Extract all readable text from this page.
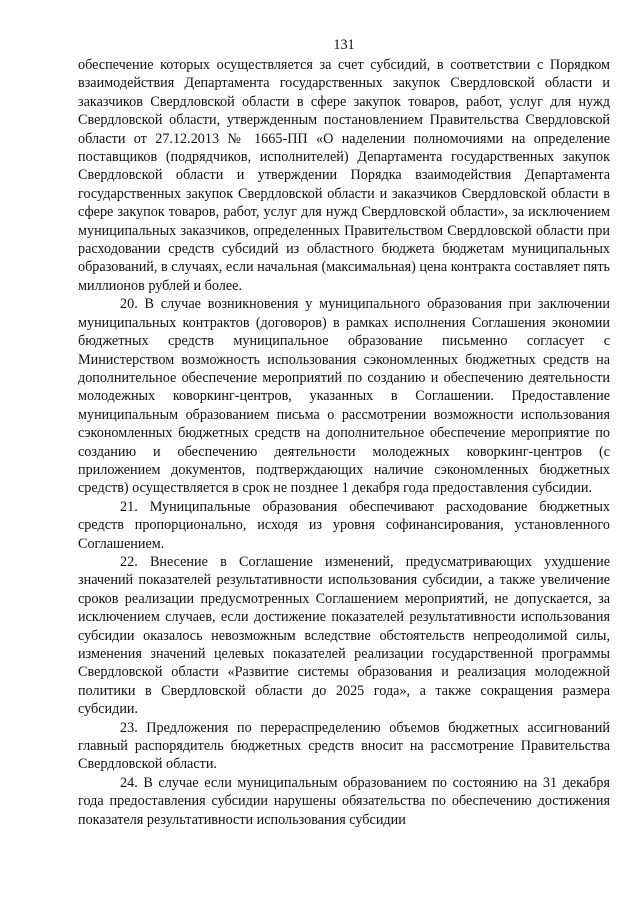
131

обеспечение которых осуществляется за счет субсидий, в соответствии с Порядком взаимодействия Департамента государственных закупок Свердловской области и заказчиков Свердловской области в сфере закупок товаров, работ, услуг для нужд Свердловской области, утвержденным постановлением Правительства Свердловской области от 27.12.2013 № 1665-ПП «О наделении полномочиями на определение поставщиков (подрядчиков, исполнителей) Департамента государственных закупок Свердловской области и утверждении Порядка взаимодействия Департамента государственных закупок Свердловской области и заказчиков Свердловской области в сфере закупок товаров, работ, услуг для нужд Свердловской области», за исключением муниципальных заказчиков, определенных Правительством Свердловской области при расходовании средств субсидий из областного бюджета бюджетам муниципальных образований, в случаях, если начальная (максимальная) цена контракта составляет пять миллионов рублей и более.

20. В случае возникновения у муниципального образования при заключении муниципальных контрактов (договоров) в рамках исполнения Соглашения экономии бюджетных средств муниципальное образование письменно согласует с Министерством возможность использования сэкономленных бюджетных средств на дополнительное обеспечение мероприятий по созданию и обеспечению деятельности молодежных коворкинг-центров, указанных в Соглашении. Предоставление муниципальным образованием письма о рассмотрении возможности использования сэкономленных бюджетных средств на дополнительное обеспечение мероприятие по созданию и обеспечению деятельности молодежных коворкинг-центров (с приложением документов, подтверждающих наличие сэкономленных бюджетных средств) осуществляется в срок не позднее 1 декабря года предоставления субсидии.

21. Муниципальные образования обеспечивают расходование бюджетных средств пропорционально, исходя из уровня софинансирования, установленного Соглашением.

22. Внесение в Соглашение изменений, предусматривающих ухудшение значений показателей результативности использования субсидии, а также увеличение сроков реализации предусмотренных Соглашением мероприятий, не допускается, за исключением случаев, если достижение показателей результативности использования субсидии оказалось невозможным вследствие обстоятельств непреодолимой силы, изменения значений целевых показателей реализации государственной программы Свердловской области «Развитие системы образования и реализация молодежной политики в Свердловской области до 2025 года», а также сокращения размера субсидии.

23. Предложения по перераспределению объемов бюджетных ассигнований главный распорядитель бюджетных средств вносит на рассмотрение Правительства Свердловской области.

24. В случае если муниципальным образованием по состоянию на 31 декабря года предоставления субсидии нарушены обязательства по обеспечению достижения показателя результативности использования субсидии
